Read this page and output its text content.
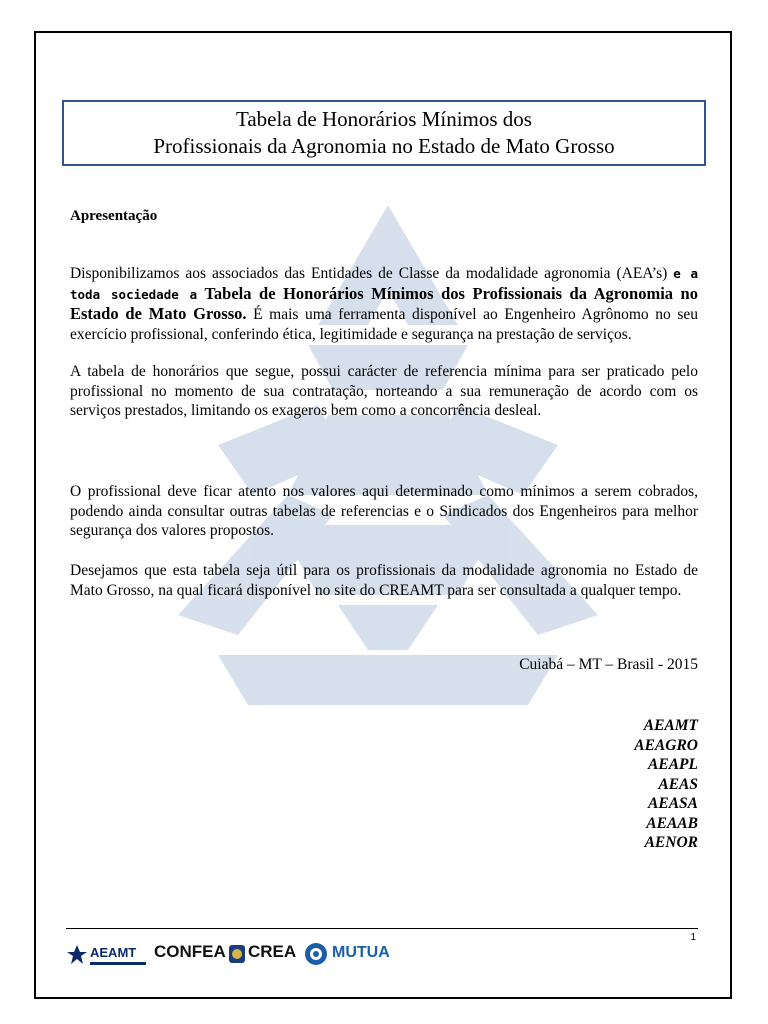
Tabela de Honorários Mínimos dos
Profissionais da Agronomia no Estado de Mato Grosso
Apresentação
Disponibilizamos aos associados das Entidades de Classe da modalidade agronomia (AEA’s) e a toda sociedade a Tabela de Honorários Mínimos dos Profissionais da Agronomia no Estado de Mato Grosso. É mais uma ferramenta disponível ao Engenheiro Agrônomo no seu exercício profissional, conferindo ética, legitimidade e segurança na prestação de serviços.
A tabela de honorários que segue, possui carácter de referencia mínima para ser praticado pelo profissional no momento de sua contratação, norteando a sua remuneração de acordo com os serviços prestados, limitando os exageros bem como a concorrência desleal.
O profissional deve ficar atento nos valores aqui determinado como mínimos a serem cobrados, podendo ainda consultar outras tabelas de referencias e o Sindicados dos Engenheiros para melhor segurança dos valores propostos.
Desejamos que esta tabela seja útil para os profissionais da modalidade agronomia no Estado de Mato Grosso, na qual ficará disponível no site do CREAMT para ser consultada a qualquer tempo.
Cuiabá – MT – Brasil - 2015
AEAMT
AEAGRO
AEAPL
AEAS
AEASA
AEAAB
AENOR
1
AEAMT CONFEA CREA MUTUA
